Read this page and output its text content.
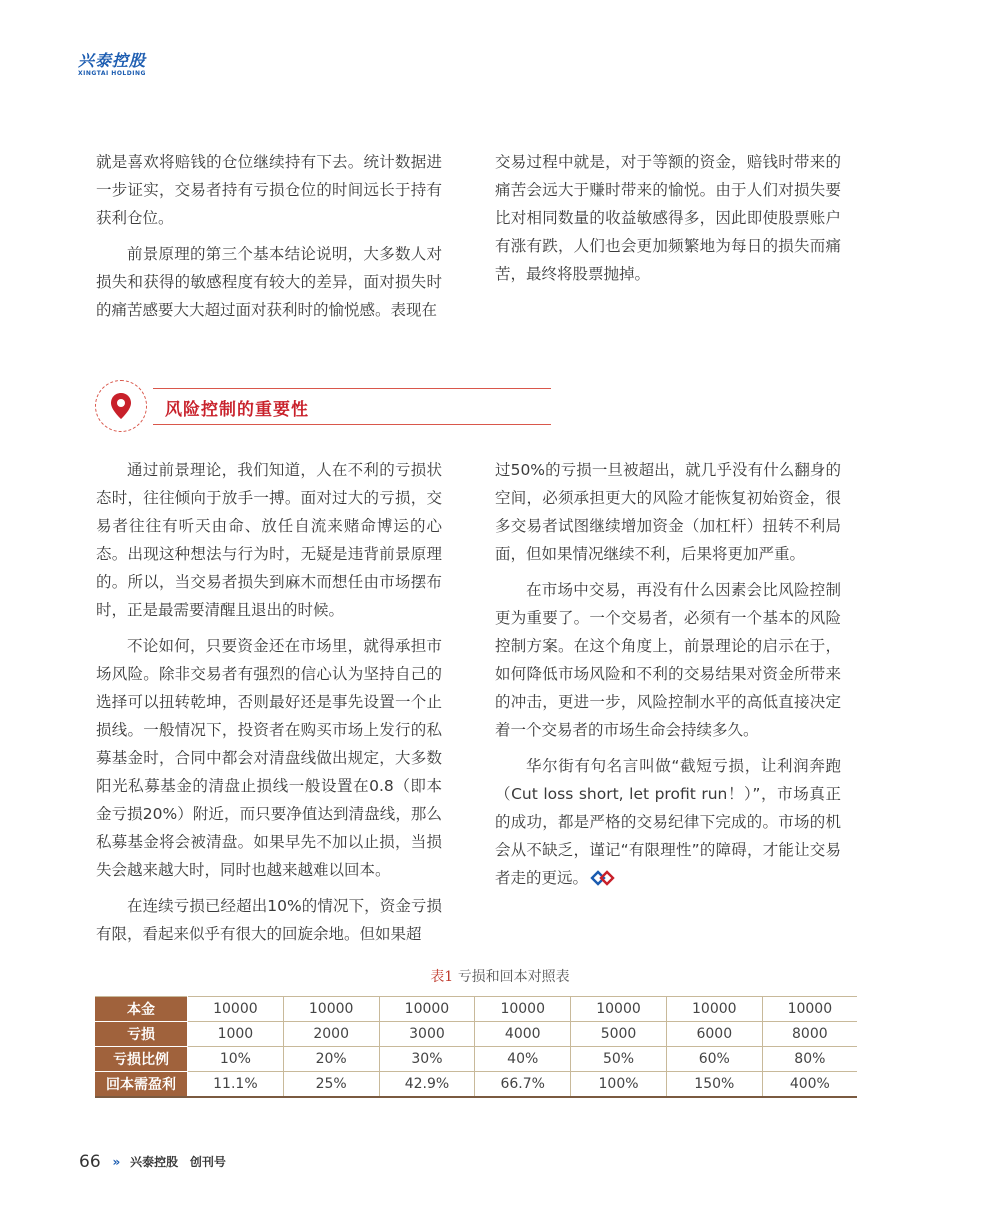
兴泰控股
XINGTAI HOLDING

就是喜欢将赔钱的仓位继续持有下去。统计数据进一步证实，交易者持有亏损仓位的时间远长于持有获利仓位。

前景原理的第三个基本结论说明，大多数人对损失和获得的敏感程度有较大的差异，面对损失时的痛苦感要大大超过面对获利时的愉悦感。表现在

交易过程中就是，对于等额的资金，赔钱时带来的痛苦会远大于赚时带来的愉悦。由于人们对损失要比对相同数量的收益敏感得多，因此即使股票账户有涨有跌，人们也会更加频繁地为每日的损失而痛苦，最终将股票抛掉。

风险控制的重要性

通过前景理论，我们知道，人在不利的亏损状态时，往往倾向于放手一搏。面对过大的亏损，交易者往往有听天由命、放任自流来赌命博运的心态。出现这种想法与行为时，无疑是违背前景原理的。所以，当交易者损失到麻木而想任由市场摆布时，正是最需要清醒且退出的时候。

不论如何，只要资金还在市场里，就得承担市场风险。除非交易者有强烈的信心认为坚持自己的选择可以扭转乾坤，否则最好还是事先设置一个止损线。一般情况下，投资者在购买市场上发行的私募基金时，合同中都会对清盘线做出规定，大多数阳光私募基金的清盘止损线一般设置在0.8（即本金亏损20%）附近，而只要净值达到清盘线，那么私募基金将会被清盘。如果早先不加以止损，当损失会越来越大时，同时也越来越难以回本。

在连续亏损已经超出10%的情况下，资金亏损有限，看起来似乎有很大的回旋余地。但如果超

过50%的亏损一旦被超出，就几乎没有什么翻身的空间，必须承担更大的风险才能恢复初始资金，很多交易者试图继续增加资金（加杠杆）扭转不利局面，但如果情况继续不利，后果将更加严重。

在市场中交易，再没有什么因素会比风险控制更为重要了。一个交易者，必须有一个基本的风险控制方案。在这个角度上，前景理论的启示在于，如何降低市场风险和不利的交易结果对资金所带来的冲击，更进一步，风险控制水平的高低直接决定着一个交易者的市场生命会持续多久。

华尔街有句名言叫做“截短亏损，让利润奔跑（Cut loss short, let profit run！）”，市场真正的成功，都是严格的交易纪律下完成的。市场的机会从不缺乏，谨记“有限理性”的障碍，才能让交易者走的更远。

表1 亏损和回本对照表
本金	10000	10000	10000	10000	10000	10000	10000
亏损	1000	2000	3000	4000	5000	6000	8000
亏损比例	10%	20%	30%	40%	50%	60%	80%
回本需盈利	11.1%	25%	42.9%	66.7%	100%	150%	400%
66 » 兴泰控股 创刊号
